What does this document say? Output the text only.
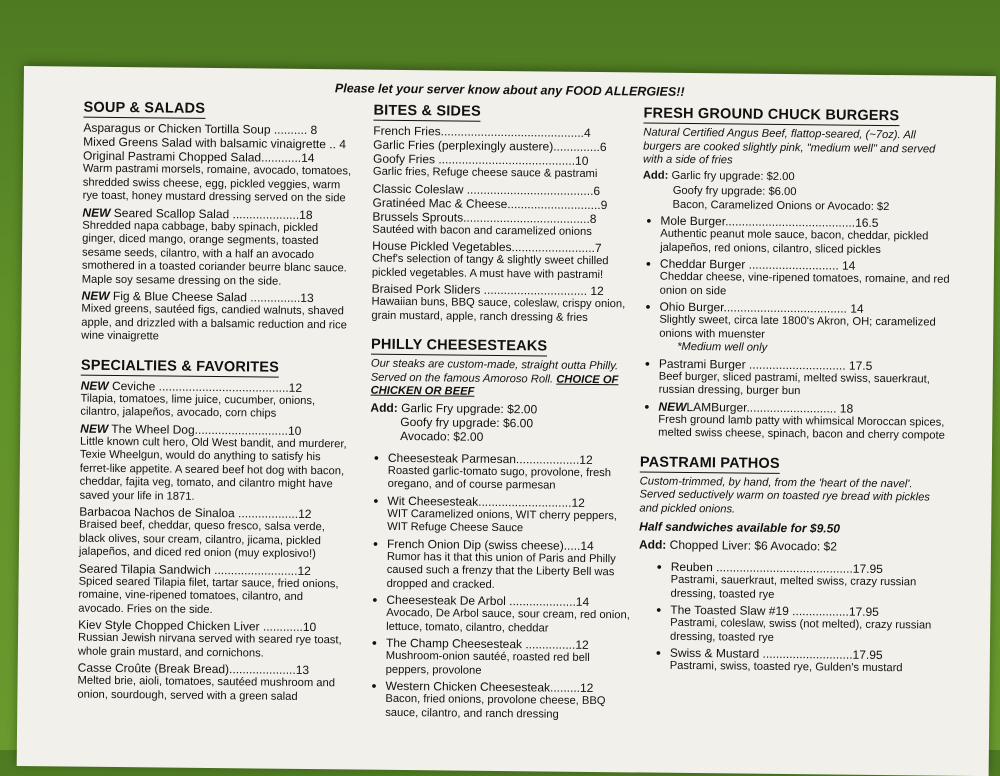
Please let your server know about any FOOD ALLERGIES!!
SOUP & SALADS

Asparagus or Chicken Tortilla Soup .......... 8

Mixed Greens Salad with balsamic vinaigrette .. 4

Original Pastrami Chopped Salad............14

Warm pastrami morsels, romaine, avocado, tomatoes, shredded swiss cheese, egg, pickled veggies, warm rye toast, honey mustard dressing served on the side

NEW Seared Scallop Salad ....................18

Shredded napa cabbage, baby spinach, pickled ginger, diced mango, orange segments, toasted sesame seeds, cilantro, with a half an avocado smothered in a toasted coriander beurre blanc sauce. Maple soy sesame dressing on the side.

NEW Fig & Blue Cheese Salad ...............13

Mixed greens, sautéed figs, candied walnuts, shaved apple, and drizzled with a balsamic reduction and rice wine vinaigrette

SPECIALTIES & FAVORITES

NEW Ceviche .......................................12

Tilapia, tomatoes, lime juice, cucumber, onions, cilantro, jalapeños, avocado, corn chips

NEW The Wheel Dog............................10

Little known cult hero, Old West bandit, and murderer, Texie Wheelgun, would do anything to satisfy his ferret-like appetite. A seared beef hot dog with bacon, cheddar, fajita veg, tomato, and cilantro might have saved your life in 1871.

Barbacoa Nachos de Sinaloa ..................12

Braised beef, cheddar, queso fresco, salsa verde, black olives, sour cream, cilantro, jicama, pickled jalapeños, and diced red onion (muy explosivo!)

Seared Tilapia Sandwich .........................12

Spiced seared Tilapia filet, tartar sauce, fried onions, romaine, vine-ripened tomatoes, cilantro, and avocado. Fries on the side.

Kiev Style Chopped Chicken Liver ............10

Russian Jewish nirvana served with seared rye toast, whole grain mustard, and cornichons.

Casse Croûte (Break Bread)....................13

Melted brie, aioli, tomatoes, sautéed mushroom and onion, sourdough, served with a green salad

BITES & SIDES

French Fries...........................................4

Garlic Fries (perplexingly austere)..............6

Goofy Fries .........................................10

Garlic fries, Refuge cheese sauce & pastrami

Classic Coleslaw ......................................6

Gratinéed Mac & Cheese............................9

Brussels Sprouts......................................8

Sautéed with bacon and caramelized onions

House Pickled Vegetables.........................7

Chef's selection of tangy & slightly sweet chilled pickled vegetables. A must have with pastrami!

Braised Pork Sliders ............................... 12

Hawaiian buns, BBQ sauce, coleslaw, crispy onion, grain mustard, apple, ranch dressing & fries

PHILLY CHEESESTEAKS

Our steaks are custom-made, straight outta Philly. Served on the famous Amoroso Roll. CHOICE OF CHICKEN OR BEEF

Add: Garlic Fry upgrade: $2.00

Goofy fry upgrade: $6.00

Avocado: $2.00

• Cheesesteak Parmesan...................12

Roasted garlic-tomato sugo, provolone, fresh oregano, and of course parmesan

• Wit Cheesesteak............................12

WIT Caramelized onions, WIT cherry peppers, WIT Refuge Cheese Sauce

• French Onion Dip (swiss cheese).....14

Rumor has it that this union of Paris and Philly caused such a frenzy that the Liberty Bell was dropped and cracked.

• Cheesesteak De Arbol ....................14

Avocado, De Arbol sauce, sour cream, red onion, lettuce, tomato, cilantro, cheddar

• The Champ Cheesesteak ...............12

Mushroom-onion sautéé, roasted red bell peppers, provolone

• Western Chicken Cheesesteak.........12

Bacon, fried onions, provolone cheese, BBQ sauce, cilantro, and ranch dressing

FRESH GROUND CHUCK BURGERS

Natural Certified Angus Beef, flattop-seared, (~7oz). All burgers are cooked slightly pink, "medium well" and served with a side of fries

Add: Garlic fry upgrade: $2.00

Goofy fry upgrade: $6.00

Bacon, Caramelized Onions or Avocado: $2

• Mole Burger.......................................16.5

Authentic peanut mole sauce, bacon, cheddar, pickled jalapeños, red onions, cilantro, sliced pickles

• Cheddar Burger ........................... 14

Cheddar cheese, vine-ripened tomatoes, romaine, and red onion on side

• Ohio Burger..................................... 14

Slightly sweet, circa late 1800's Akron, OH; caramelized onions with muenster

*Medium well only

• Pastrami Burger ............................. 17.5

Beef burger, sliced pastrami, melted swiss, sauerkraut, russian dressing, burger bun

• NEWLAMBurger........................... 18

Fresh ground lamb patty with whimsical Moroccan spices, melted swiss cheese, spinach, bacon and cherry compote

PASTRAMI PATHOS

Custom-trimmed, by hand, from the 'heart of the navel'. Served seductively warm on toasted rye bread with pickles and pickled onions.

Half sandwiches available for $9.50

Add: Chopped Liver: $6 Avocado: $2

• Reuben .........................................17.95

Pastrami, sauerkraut, melted swiss, crazy russian dressing, toasted rye

• The Toasted Slaw #19 .................17.95

Pastrami, coleslaw, swiss (not melted), crazy russian dressing, toasted rye

• Swiss & Mustard ...........................17.95

Pastrami, swiss, toasted rye, Gulden's mustard
